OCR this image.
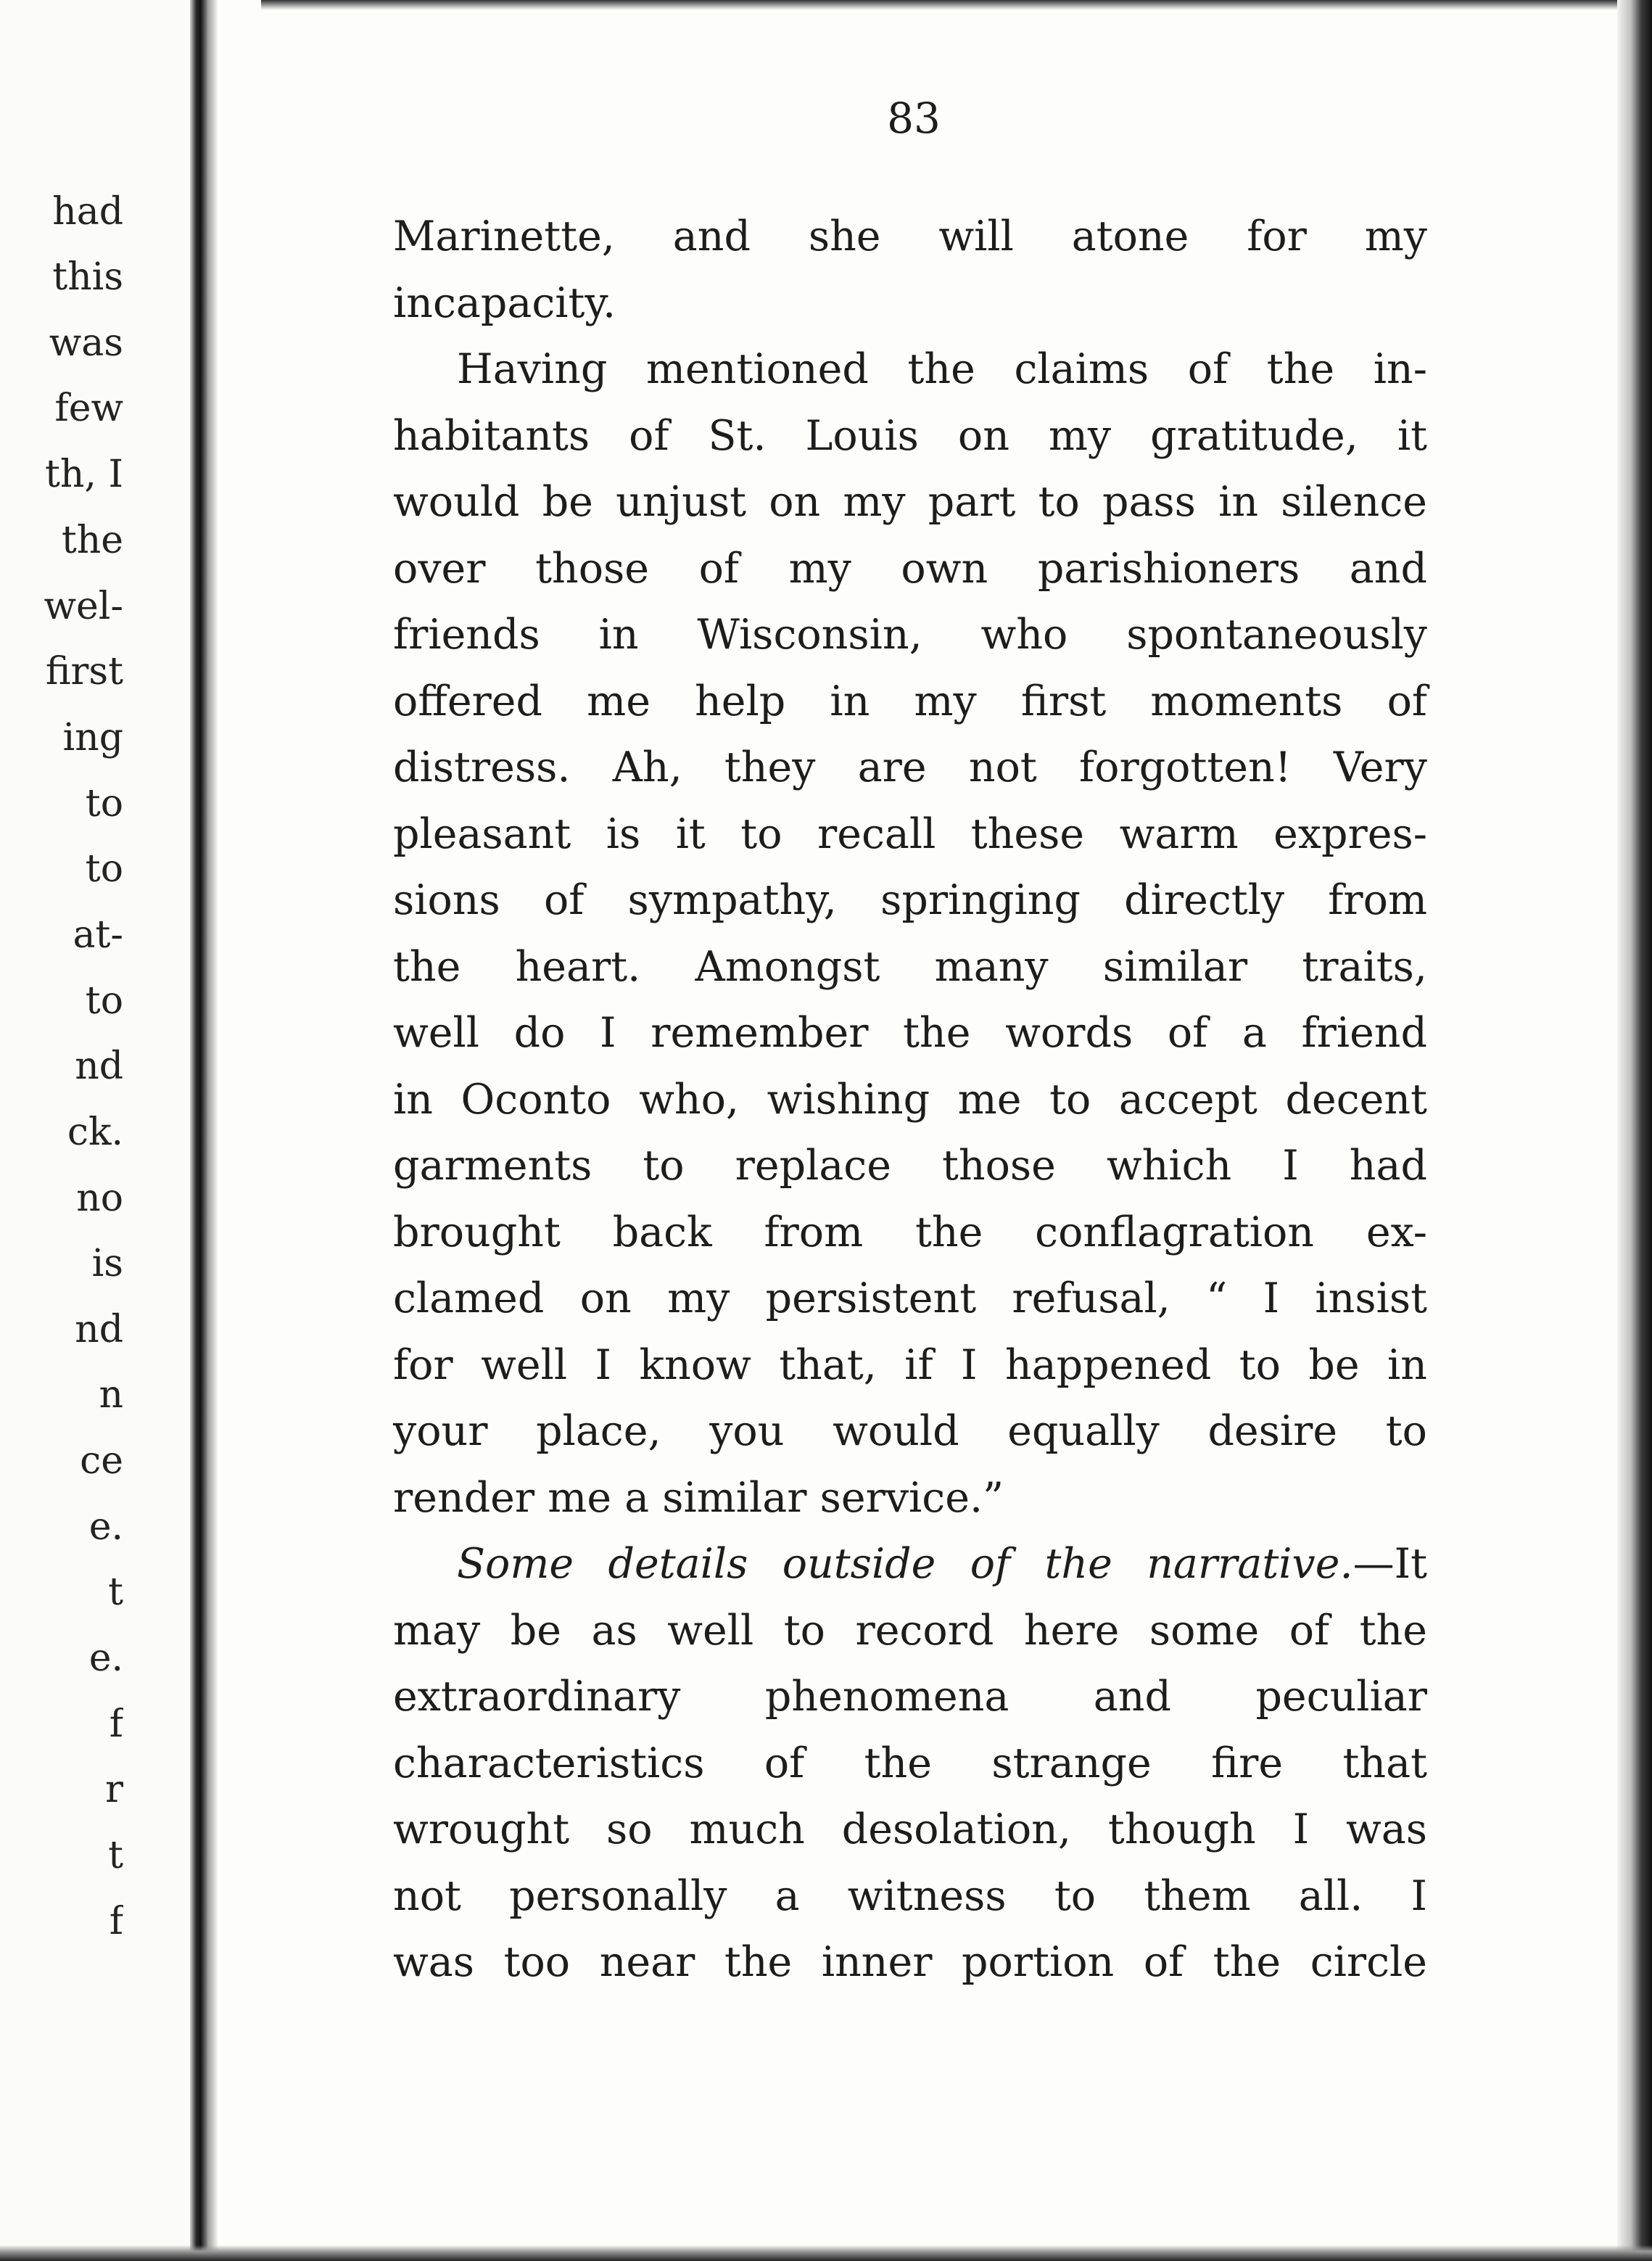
had
this
was
few
th, I
the
wel-
first
ing
to
to
at-
to
nd
ck.
no
is
nd
n
ce
e.
t
e.
f
r
t
f
83
Marinette, and she will atone for my
incapacity.
Having mentioned the claims of the in-
habitants of St. Louis on my gratitude, it
would be unjust on my part to pass in silence
over those of my own parishioners and
friends in Wisconsin, who spontaneously
offered me help in my first moments of
distress. Ah, they are not forgotten! Very
pleasant is it to recall these warm expres-
sions of sympathy, springing directly from
the heart. Amongst many similar traits,
well do I remember the words of a friend
in Oconto who, wishing me to accept decent
garments to replace those which I had
brought back from the conflagration ex-
clamed on my persistent refusal, “ I insist
for well I know that, if I happened to be in
your place, you would equally desire to
render me a similar service.”
Some details outside of the narrative.—It
may be as well to record here some of the
extraordinary phenomena and peculiar
characteristics of the strange fire that
wrought so much desolation, though I was
not personally a witness to them all. I
was too near the inner portion of the circle
